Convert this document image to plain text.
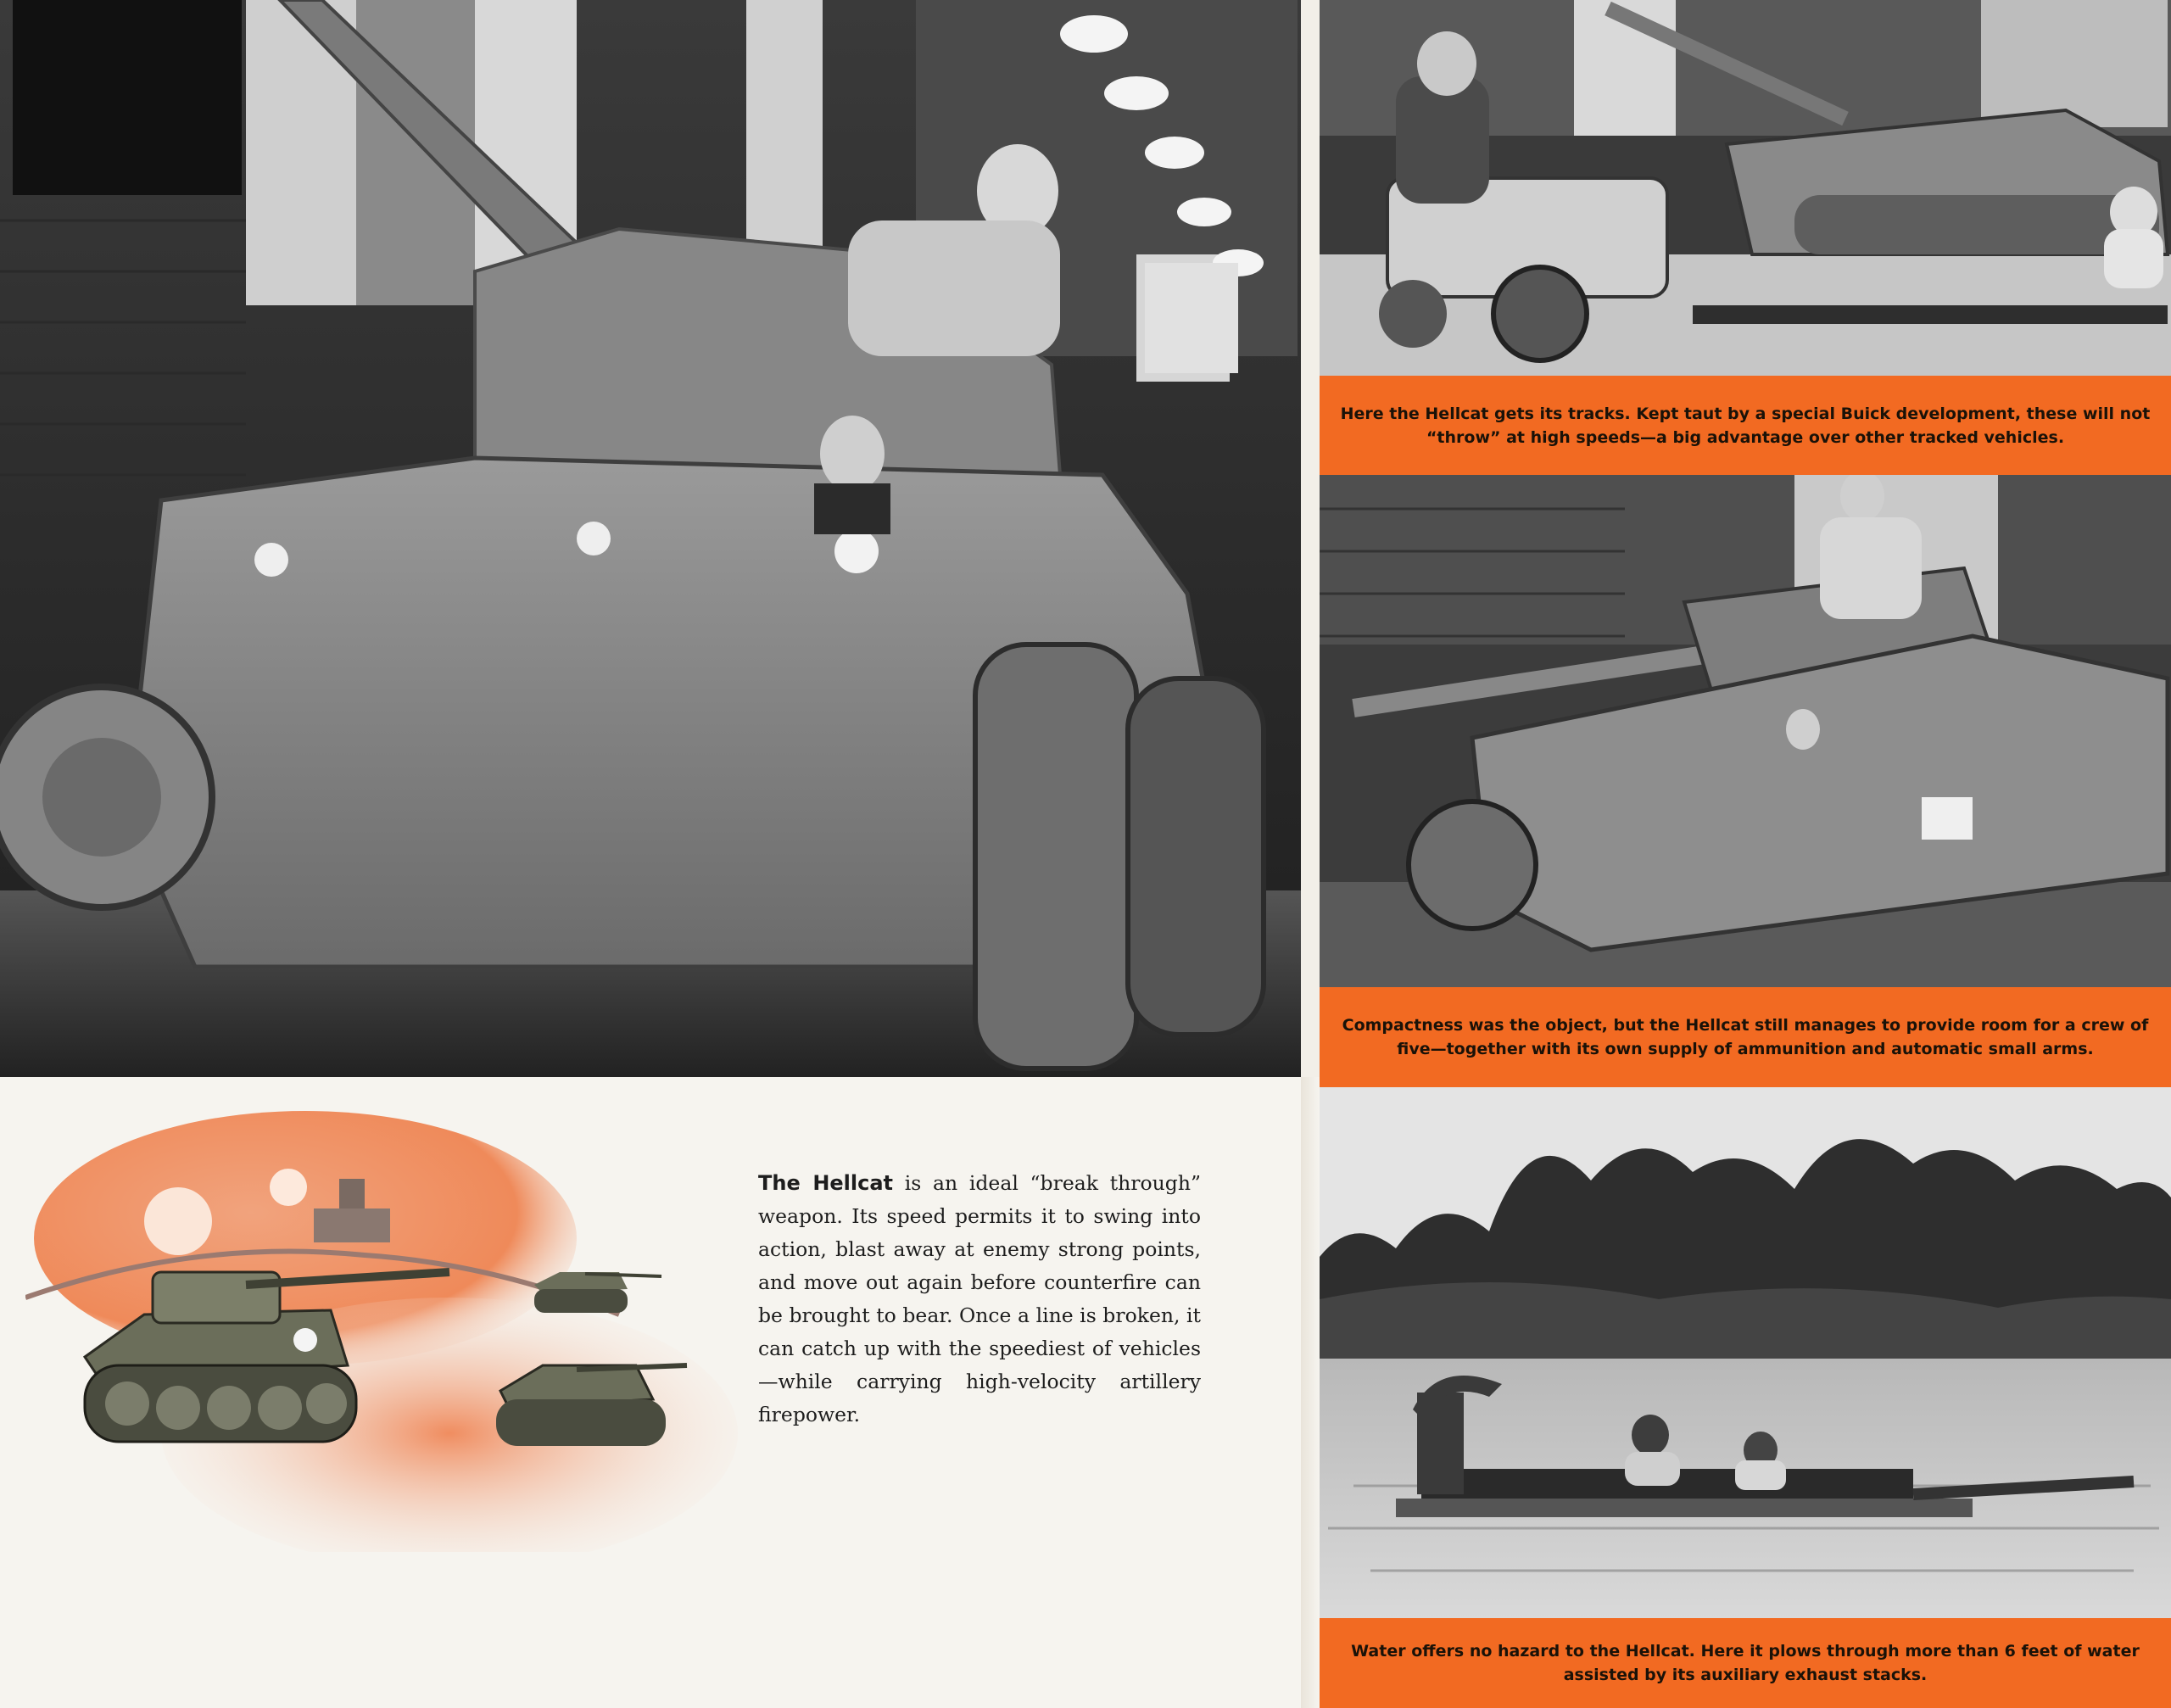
Here the Hellcat gets its tracks. Kept taut by a special Buick development, these will not “throw” at high speeds—a big advantage over other tracked vehicles.
Compactness was the object, but the Hellcat still manages to provide room for a crew of five—together with its own supply of ammunition and automatic small arms.
Water offers no hazard to the Hellcat. Here it plows through more than 6 feet of water assisted by its auxiliary exhaust stacks.
The Hellcat is an ideal “break through” weapon. Its speed permits it to swing into action, blast away at enemy strong points, and move out again before counterfire can be brought to bear. Once a line is broken, it can catch up with the speediest of vehicles—while carrying high-velocity artillery firepower.
